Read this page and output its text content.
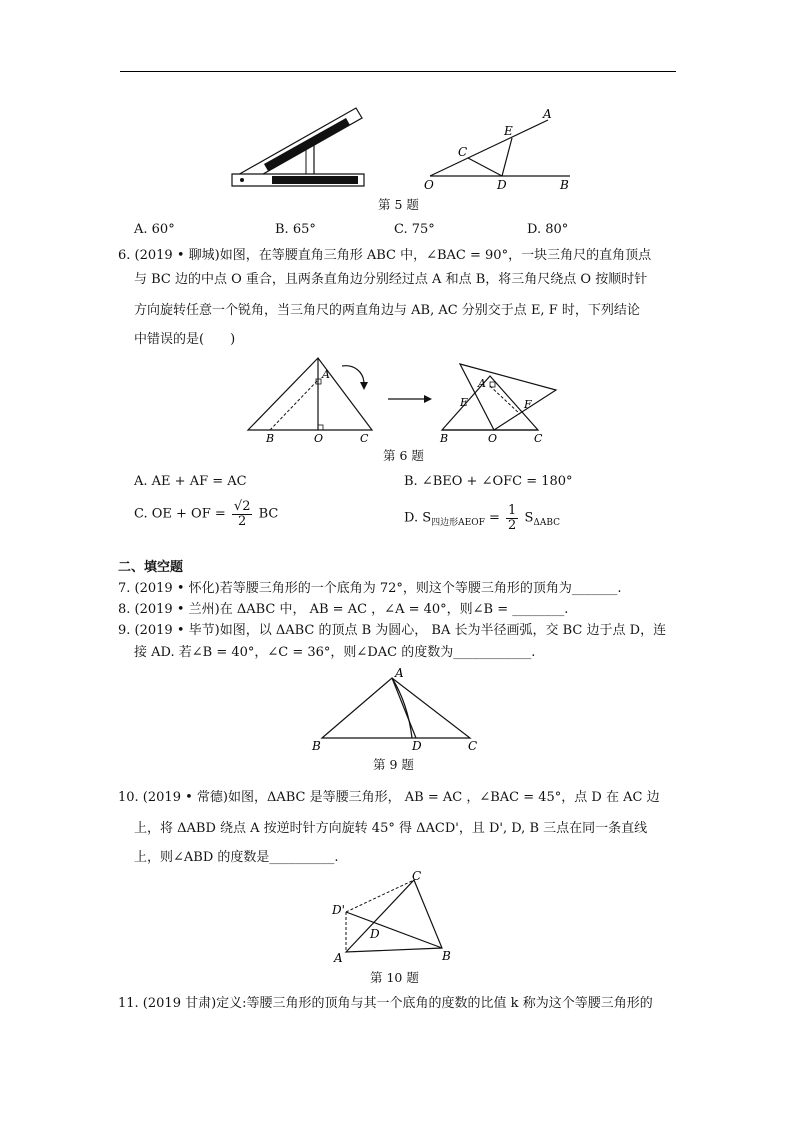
A
E
C
O	D	B
第 5 题
A. 60°	B. 65°	C. 75°	D. 80°
6. (2019 • 聊城)如图，在等腰直角三角形 ABC 中，∠BAC = 90°，一块三角尺的直角顶点
与 BC 边的中点 O 重合，且两条直角边分别经过点 A 和点 B，将三角尺绕点 O 按顺时针
方向旋转任意一个锐角，当三角尺的两直角边与 AB, AC 分别交于点 E, F 时，下列结论
中错误的是(　　)
A
B	O	C
A
E	F
B	O	C
第 6 题
A. AE + AF = AC	B. ∠BEO + ∠OFC = 180°
C. OE + OF = $\frac{√2}{2}$ BC	D. $S_{四边形AEOF} = \frac{1}{2} S_{\Delta ABC}$
二、填空题
7. (2019 • 怀化)若等腰三角形的一个底角为 72°，则这个等腰三角形的顶角为_______.
8. (2019 • 兰州)在 ΔABC 中， AB = AC ，∠A = 40°，则∠B = ________.
9. (2019 • 毕节)如图，以 ΔABC 的顶点 B 为圆心， BA 长为半径画弧，交 BC 边于点 D，连
接 AD. 若∠B = 40°，∠C = 36°，则∠DAC 的度数为____________.
A
B	D	C
第 9 题
10. (2019 • 常德)如图，ΔABC 是等腰三角形， AB = AC ，∠BAC = 45°，点 D 在 AC 边
上，将 ΔABD 绕点 A 按逆时针方向旋转 45° 得 ΔACD'，且 D', D, B 三点在同一条直线
上，则∠ABD 的度数是__________.
C
D'
D
A	B
第 10 题
11. (2019 甘肃)定义:等腰三角形的顶角与其一个底角的度数的比值 k 称为这个等腰三角形的
